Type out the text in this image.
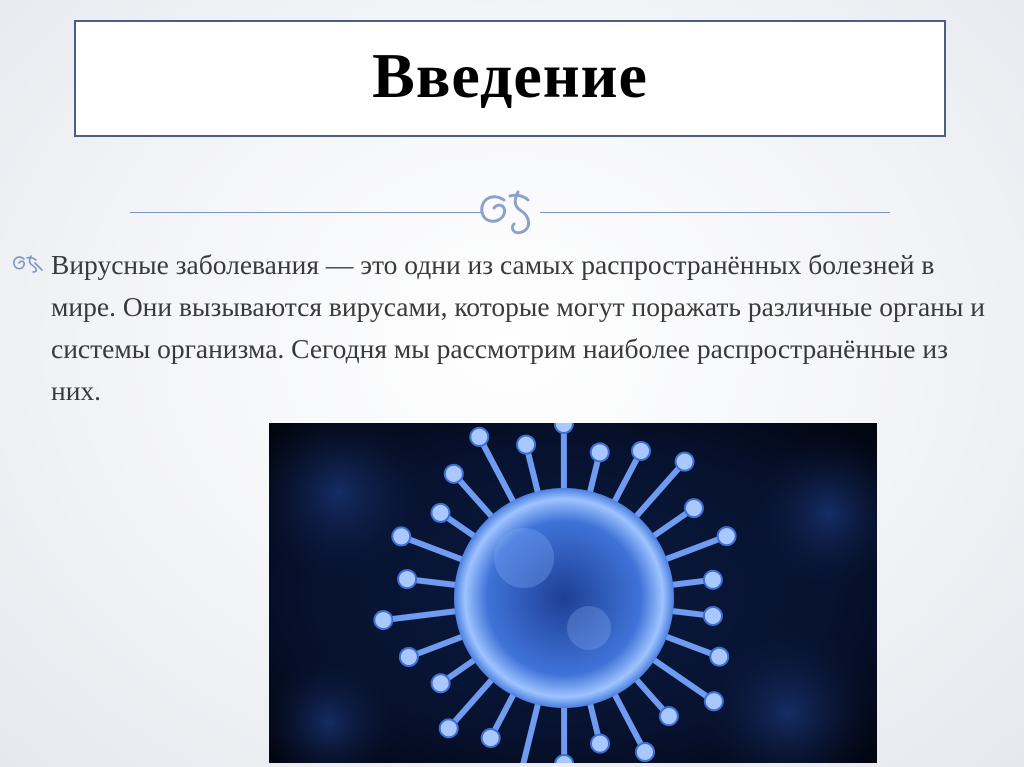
Введение
Вирусные заболевания — это одни из самых распространённых болезней в мире. Они вызываются вирусами, которые могут поражать различные органы и системы организма. Сегодня мы рассмотрим наиболее распространённые из них.
